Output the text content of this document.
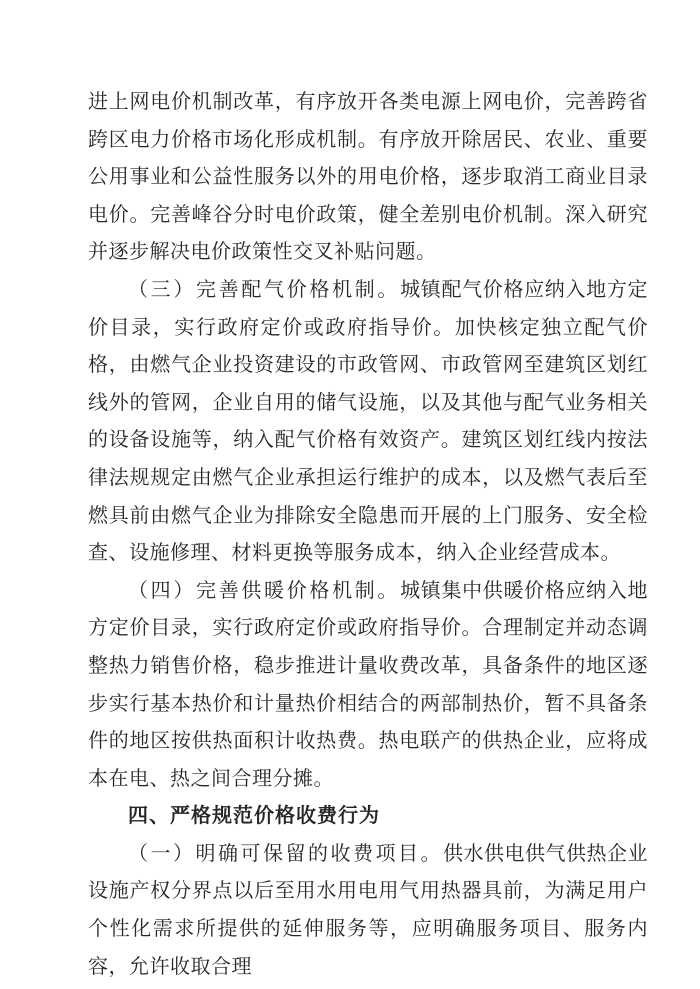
进上网电价机制改革，有序放开各类电源上网电价，完善跨省跨区电力价格市场化形成机制。有序放开除居民、农业、重要公用事业和公益性服务以外的用电价格，逐步取消工商业目录电价。完善峰谷分时电价政策，健全差别电价机制。深入研究并逐步解决电价政策性交叉补贴问题。

（三）完善配气价格机制。城镇配气价格应纳入地方定价目录，实行政府定价或政府指导价。加快核定独立配气价格，由燃气企业投资建设的市政管网、市政管网至建筑区划红线外的管网，企业自用的储气设施，以及其他与配气业务相关的设备设施等，纳入配气价格有效资产。建筑区划红线内按法律法规规定由燃气企业承担运行维护的成本，以及燃气表后至燃具前由燃气企业为排除安全隐患而开展的上门服务、安全检查、设施修理、材料更换等服务成本，纳入企业经营成本。

（四）完善供暖价格机制。城镇集中供暖价格应纳入地方定价目录，实行政府定价或政府指导价。合理制定并动态调整热力销售价格，稳步推进计量收费改革，具备条件的地区逐步实行基本热价和计量热价相结合的两部制热价，暂不具备条件的地区按供热面积计收热费。热电联产的供热企业，应将成本在电、热之间合理分摊。

四、严格规范价格收费行为

（一）明确可保留的收费项目。供水供电供气供热企业设施产权分界点以后至用水用电用气用热器具前，为满足用户个性化需求所提供的延伸服务等，应明确服务项目、服务内容，允许收取合理
